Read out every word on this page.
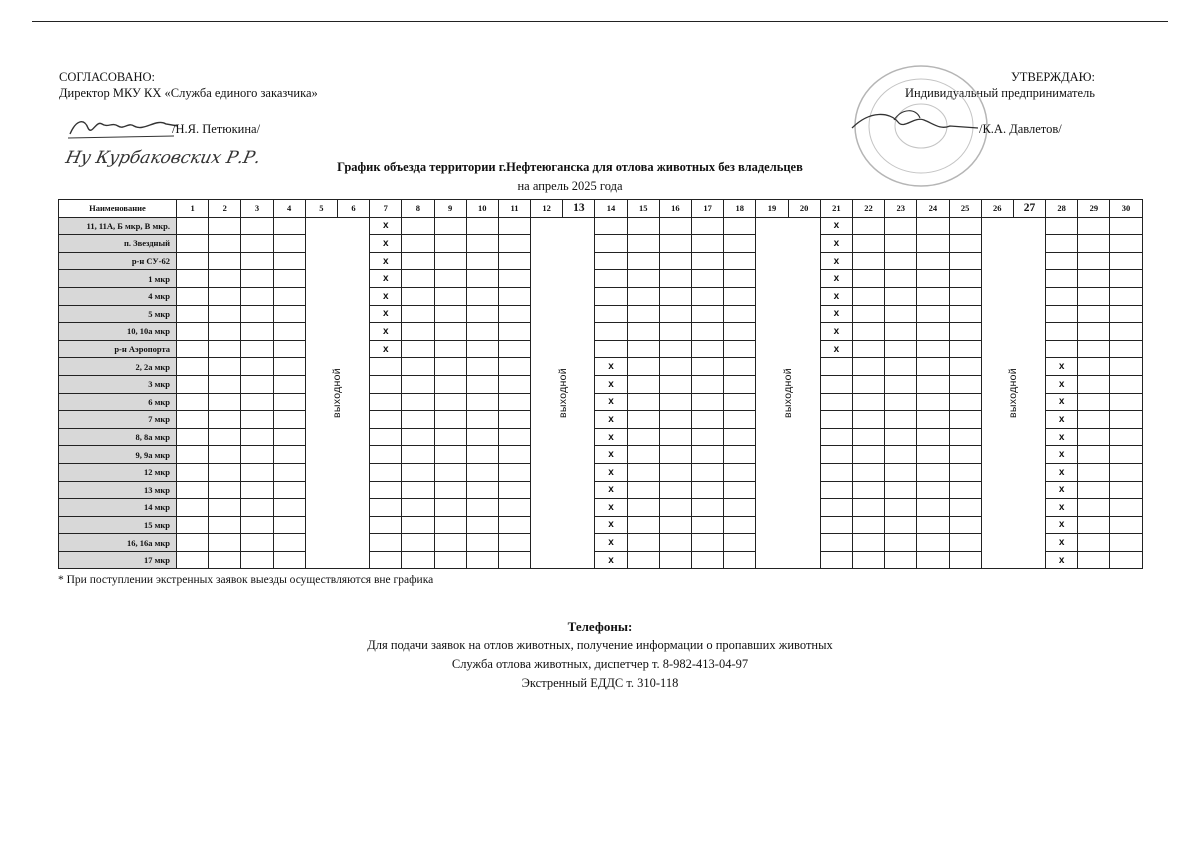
СОГЛАСОВАНО:
Директор МКУ КХ «Служба единого заказчика»
/Н.Я. Петюкина/
Ну Курбаковских Р.Р.
УТВЕРЖДАЮ:
Индивидуальный предприниматель
/К.А. Давлетов/
График объезда территории г.Нефтеюганска для отлова животных без владельцев
на апрель 2025 года
Наименование	1	2	3	4	5	6	7	8	9	10	11	12	13	14	15	16	17	18	19	20	21	22	23	24	25	26	27	28	29	30
11, 11А, Б мкр, В мкр.					выходной		x					выходной							выходной		x					выходной				
п. Звездный							x														x									
р-н СУ-62							x														x									
1 мкр							x														x									
4 мкр							x														x									
5 мкр							x														x									
10, 10а мкр							x														x									
р-н Аэропорта							x														x									
2, 2а мкр														x														x		
3 мкр														x														x		
6 мкр														x														x		
7 мкр														x														x		
8, 8а мкр														x														x		
9, 9а мкр														x														x		
12 мкр														x														x		
13 мкр														x														x		
14 мкр														x														x		
15 мкр														x														x		
16, 16а мкр														x														x		
17 мкр														x														x		
* При поступлении экстренных заявок выезды осуществляются вне графика
Телефоны:
Для подачи заявок на отлов животных, получение информации о пропавших животных
Служба отлова животных, диспетчер т. 8-982-413-04-97
Экстренный ЕДДС т. 310-118
